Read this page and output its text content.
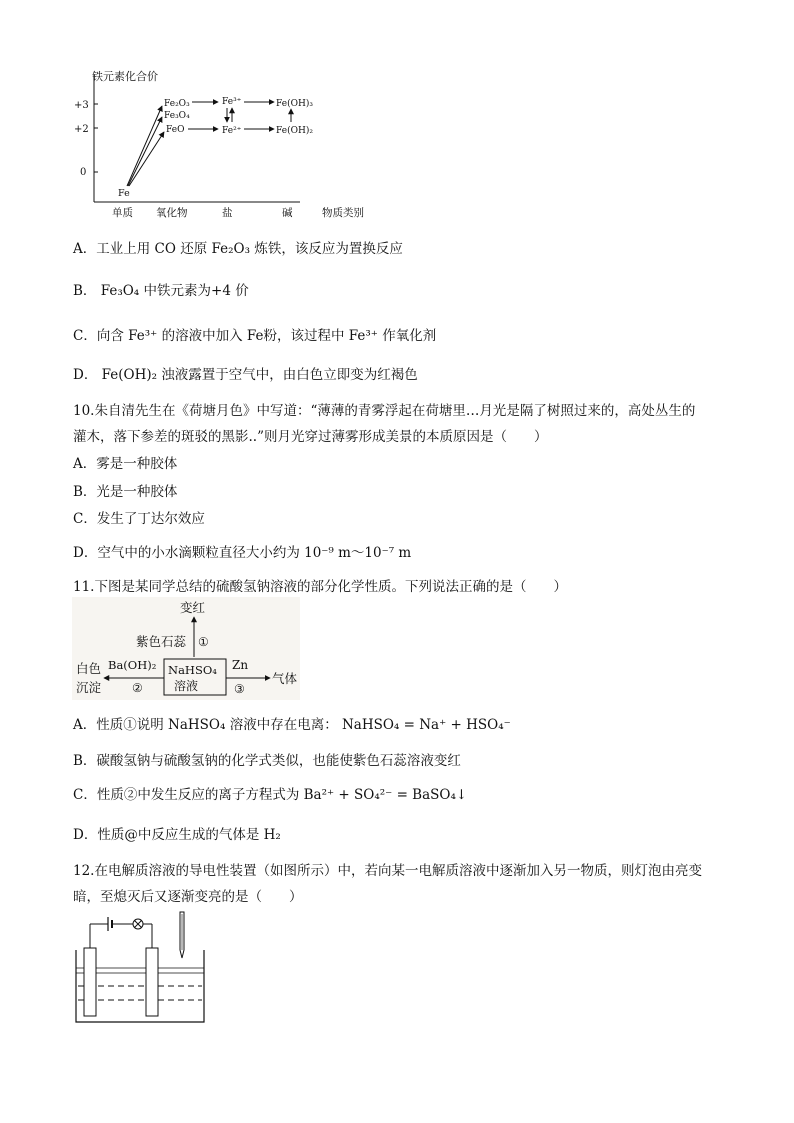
铁元素化合价
+3
+2
0
单质 氧化物	盐	碱	物质类别
Fe
Fe₂O₃
Fe₃O₄
FeO
Fe³⁺
Fe²⁺
Fe(OH)₃
Fe(OH)₂
A．工业上用 CO 还原 Fe₂O₃ 炼铁，该反应为置换反应
B． Fe₃O₄ 中铁元素为+4 价
C．向含 Fe³⁺ 的溶液中加入 Fe粉，该过程中 Fe³⁺ 作氧化剂
D． Fe(OH)₂ 浊液露置于空气中，由白色立即变为红褐色
10.朱自清先生在《荷塘月色》中写道：“薄薄的青雾浮起在荷塘里…月光是隔了树照过来的，高处丛生的
灌木，落下参差的斑驳的黑影..”则月光穿过薄雾形成美景的本质原因是（　　）
A．雾是一种胶体
B．光是一种胶体
C．发生了丁达尔效应
D．空气中的小水滴颗粒直径大小约为 10⁻⁹ m～10⁻⁷ m
11.下图是某同学总结的硫酸氢钠溶液的部分化学性质。下列说法正确的是（　　）
变红
紫色石蕊 ①
NaHSO₄
溶液
Ba(OH)₂
②
白色
沉淀
Zn
③
气体
A．性质①说明 NaHSO₄ 溶液中存在电离： NaHSO₄ = Na⁺ + HSO₄⁻
B．碳酸氢钠与硫酸氢钠的化学式类似，也能使紫色石蕊溶液变红
C．性质②中发生反应的离子方程式为 Ba²⁺ + SO₄²⁻ = BaSO₄↓
D．性质@中反应生成的气体是 H₂
12.在电解质溶液的导电性装置（如图所示）中，若向某一电解质溶液中逐渐加入另一物质，则灯泡由亮变
暗，至熄灭后又逐渐变亮的是（　　）
